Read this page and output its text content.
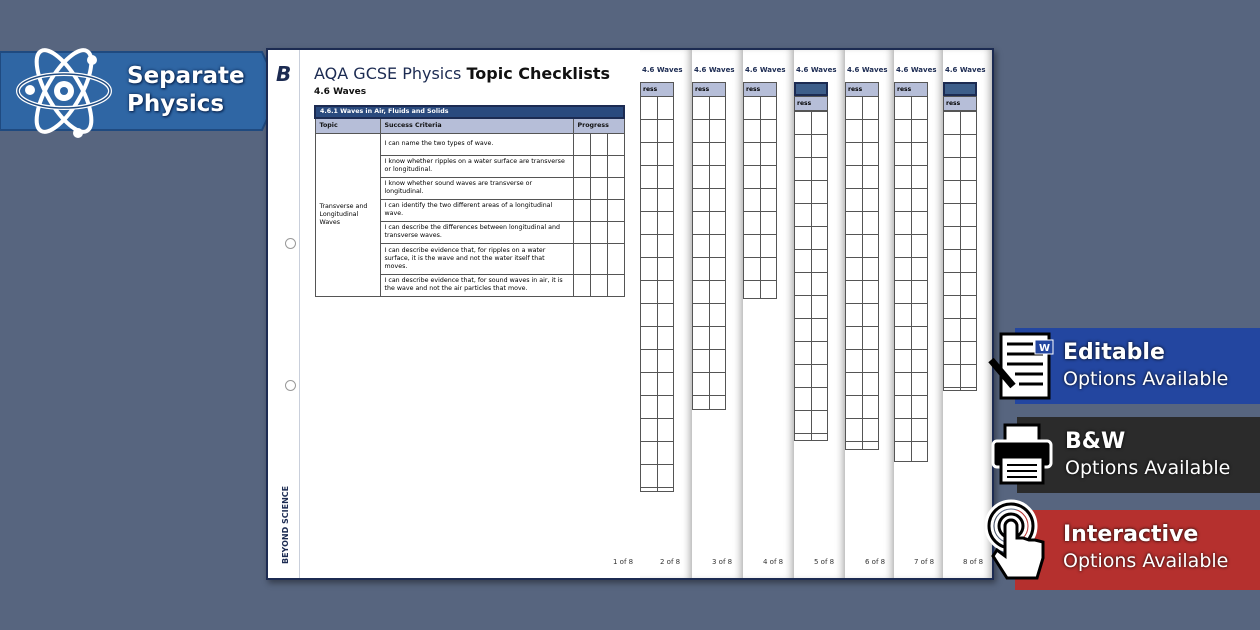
Separate
Physics
B
BEYOND SCIENCE
AQA GCSE Physics Topic Checklists
4.6 Waves
4.6.1 Waves in Air, Fluids and Solids				
Topic	Success Criteria	Progress		
Transverse and Longitudinal Waves	I can name the two types of wave.			
	I know whether ripples on a water surface are transverse or longitudinal.			
	I know whether sound waves are transverse or longitudinal.			
	I can identify the two different areas of a longitudinal wave.			
	I can describe the differences between longitudinal and transverse waves.			
	I can describe evidence that, for ripples on a water surface, it is the wave and not the water itself that moves.			
	I can describe evidence that, for sound waves in air, it is the wave and not the air particles that move.			
1 of 8
4.6 Waves
ress
2 of 8
4.6 Waves
ress
3 of 8
4.6 Waves
ress
4 of 8
4.6 Waves
ress
5 of 8
4.6 Waves
ress
6 of 8
4.6 Waves
ress
7 of 8
4.6 Waves
ress
8 of 8
W Editable
Options Available
B&W
Options Available
Interactive
Options Available
